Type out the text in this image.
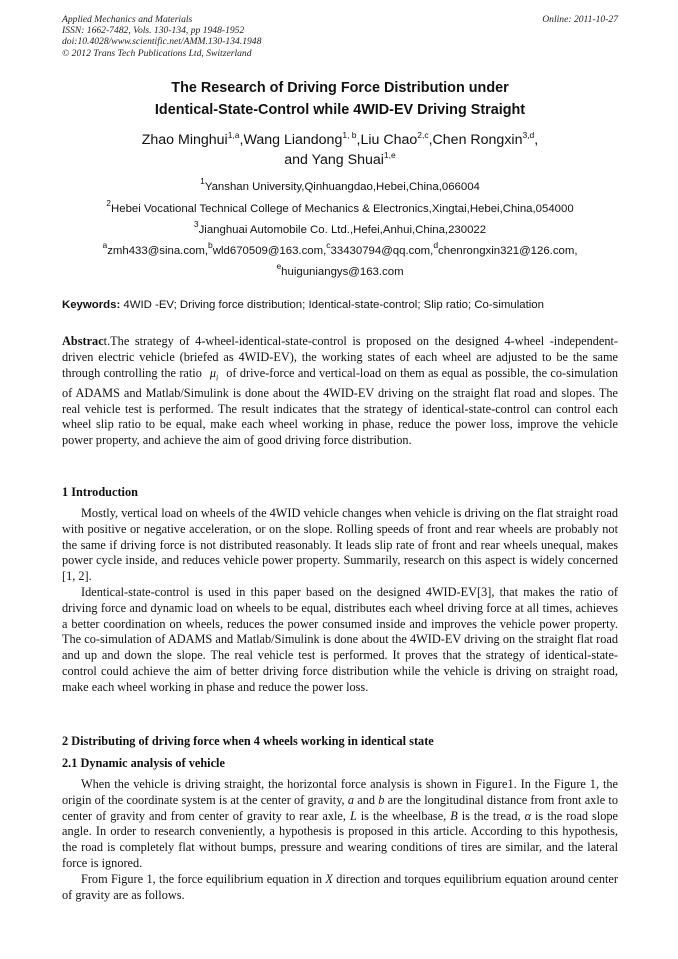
Applied Mechanics and Materials
ISSN: 1662-7482, Vols. 130-134, pp 1948-1952
doi:10.4028/www.scientific.net/AMM.130-134.1948
© 2012 Trans Tech Publications Ltd, Switzerland
Online: 2011-10-27
The Research of Driving Force Distribution under
Identical-State-Control while 4WID-EV Driving Straight
Zhao Minghui$^{1,a}$,Wang Liandong$^{1, b}$,Liu Chao$^{2,c}$,Chen Rongxin$^{3,d}$,
and Yang Shuai$^{1,e}$
$^1$Yanshan University,Qinhuangdao,Hebei,China,066004
$^2$Hebei Vocational Technical College of Mechanics & Electronics,Xingtai,Hebei,China,054000
$^3$Jianghuai Automobile Co. Ltd.,Hefei,Anhui,China,230022
$^a$zmh433@sina.com,$^b$wld670509@163.com,$^c$33430794@qq.com,$^d$chenrongxin321@126.com,
$^e$huiguniangys@163.com
Keywords: 4WID -EV; Driving force distribution; Identical-state-control; Slip ratio; Co-simulation
Abstract.The strategy of 4-wheel-identical-state-control is proposed on the designed 4-wheel -independent-driven electric vehicle (briefed as 4WID-EV), the working states of each wheel are adjusted to be the same through controlling the ratio $\mu_i$ of drive-force and vertical-load on them as equal as possible, the co-simulation of ADAMS and Matlab/Simulink is done about the 4WID-EV driving on the straight flat road and slopes. The real vehicle test is performed. The result indicates that the strategy of identical-state-control can control each wheel slip ratio to be equal, make each wheel working in phase, reduce the power loss, improve the vehicle power property, and achieve the aim of good driving force distribution.
1 Introduction
Mostly, vertical load on wheels of the 4WID vehicle changes when vehicle is driving on the flat straight road with positive or negative acceleration, or on the slope. Rolling speeds of front and rear wheels are probably not the same if driving force is not distributed reasonably. It leads slip rate of front and rear wheels unequal, makes power cycle inside, and reduces vehicle power property. Summarily, research on this aspect is widely concerned [1, 2].
Identical-state-control is used in this paper based on the designed 4WID-EV[3], that makes the ratio of driving force and dynamic load on wheels to be equal, distributes each wheel driving force at all times, achieves a better coordination on wheels, reduces the power consumed inside and improves the vehicle power property. The co-simulation of ADAMS and Matlab/Simulink is done about the 4WID-EV driving on the straight flat road and up and down the slope. The real vehicle test is performed. It proves that the strategy of identical-state-control could achieve the aim of better driving force distribution while the vehicle is driving on straight road, make each wheel working in phase and reduce the power loss.
2 Distributing of driving force when 4 wheels working in identical state
2.1 Dynamic analysis of vehicle
When the vehicle is driving straight, the horizontal force analysis is shown in Figure1. In the Figure 1, the origin of the coordinate system is at the center of gravity, a and b are the longitudinal distance from front axle to center of gravity and from center of gravity to rear axle, L is the wheelbase, B is the tread, α is the road slope angle. In order to research conveniently, a hypothesis is proposed in this article. According to this hypothesis, the road is completely flat without bumps, pressure and wearing conditions of tires are similar, and the lateral force is ignored.
From Figure 1, the force equilibrium equation in X direction and torques equilibrium equation around center of gravity are as follows.
